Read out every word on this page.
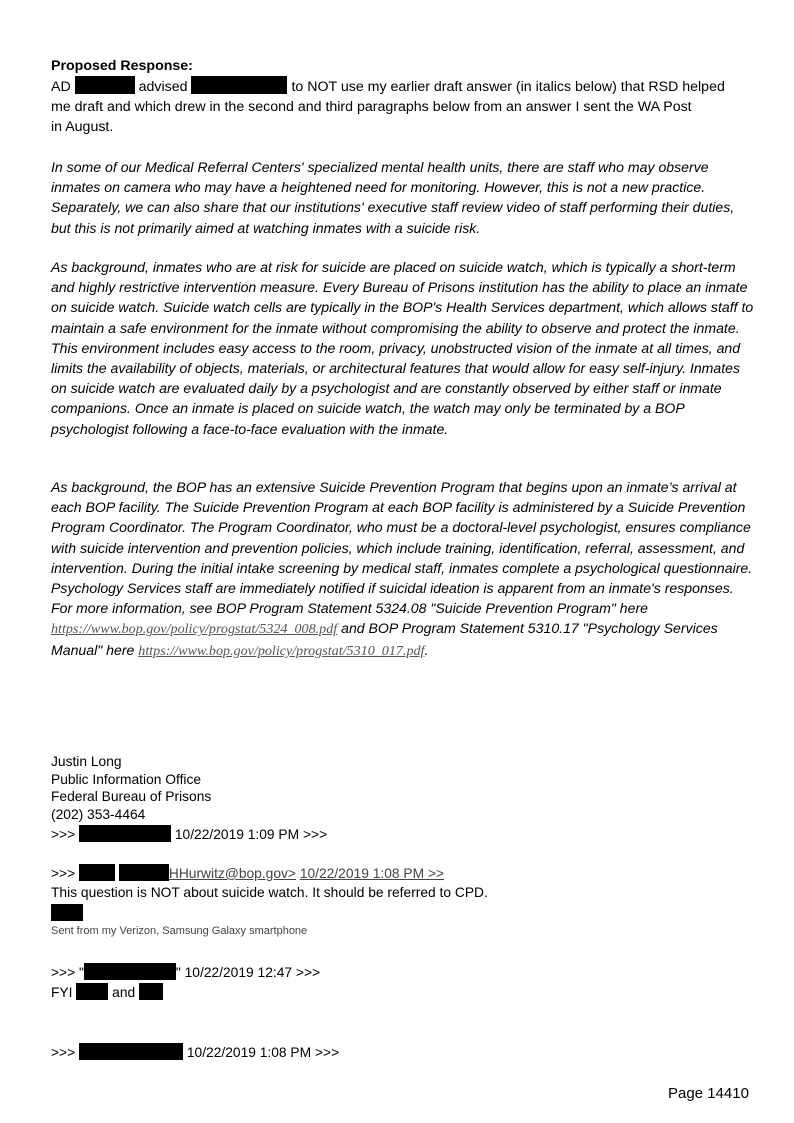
Proposed Response:
AD	advised	to NOT use my earlier draft answer (in italics below) that RSD helped
me draft and which drew in the second and third paragraphs below from an answer I sent the WA Post
in August.
In some of our Medical Referral Centers' specialized mental health units, there are staff who may observe inmates on camera who may have a heightened need for monitoring. However, this is not a new practice. Separately, we can also share that our institutions' executive staff review video of staff performing their duties, but this is not primarily aimed at watching inmates with a suicide risk.
As background, inmates who are at risk for suicide are placed on suicide watch, which is typically a short-term and highly restrictive intervention measure. Every Bureau of Prisons institution has the ability to place an inmate on suicide watch. Suicide watch cells are typically in the BOP's Health Services department, which allows staff to maintain a safe environment for the inmate without compromising the ability to observe and protect the inmate. This environment includes easy access to the room, privacy, unobstructed vision of the inmate at all times, and limits the availability of objects, materials, or architectural features that would allow for easy self-injury. Inmates on suicide watch are evaluated daily by a psychologist and are constantly observed by either staff or inmate companions. Once an inmate is placed on suicide watch, the watch may only be terminated by a BOP psychologist following a face-to-face evaluation with the inmate.
As background, the BOP has an extensive Suicide Prevention Program that begins upon an inmate’s arrival at each BOP facility. The Suicide Prevention Program at each BOP facility is administered by a Suicide Prevention Program Coordinator. The Program Coordinator, who must be a doctoral-level psychologist, ensures compliance with suicide intervention and prevention policies, which include training, identification, referral, assessment, and intervention. During the initial intake screening by medical staff, inmates complete a psychological questionnaire. Psychology Services staff are immediately notified if suicidal ideation is apparent from an inmate's responses. For more information, see BOP Program Statement 5324.08 "Suicide Prevention Program" here https://www.bop.gov/policy/progstat/5324_008.pdf and BOP Program Statement 5310.17 "Psychology Services Manual" here https://www.bop.gov/policy/progstat/5310_017.pdf.
Justin Long
Public Information Office
Federal Bureau of Prisons
(202) 353-4464
>>>	10/22/2019 1:09 PM >>>
>>>	HHurwitz@bop.gov> 10/22/2019 1:08 PM >>
This question is NOT about suicide watch. It should be referred to CPD.
Sent from my Verizon, Samsung Galaxy smartphone
>>> "	" 10/22/2019 12:47 >>>
FYI	and
>>>	10/22/2019 1:08 PM >>>
Page 14410
